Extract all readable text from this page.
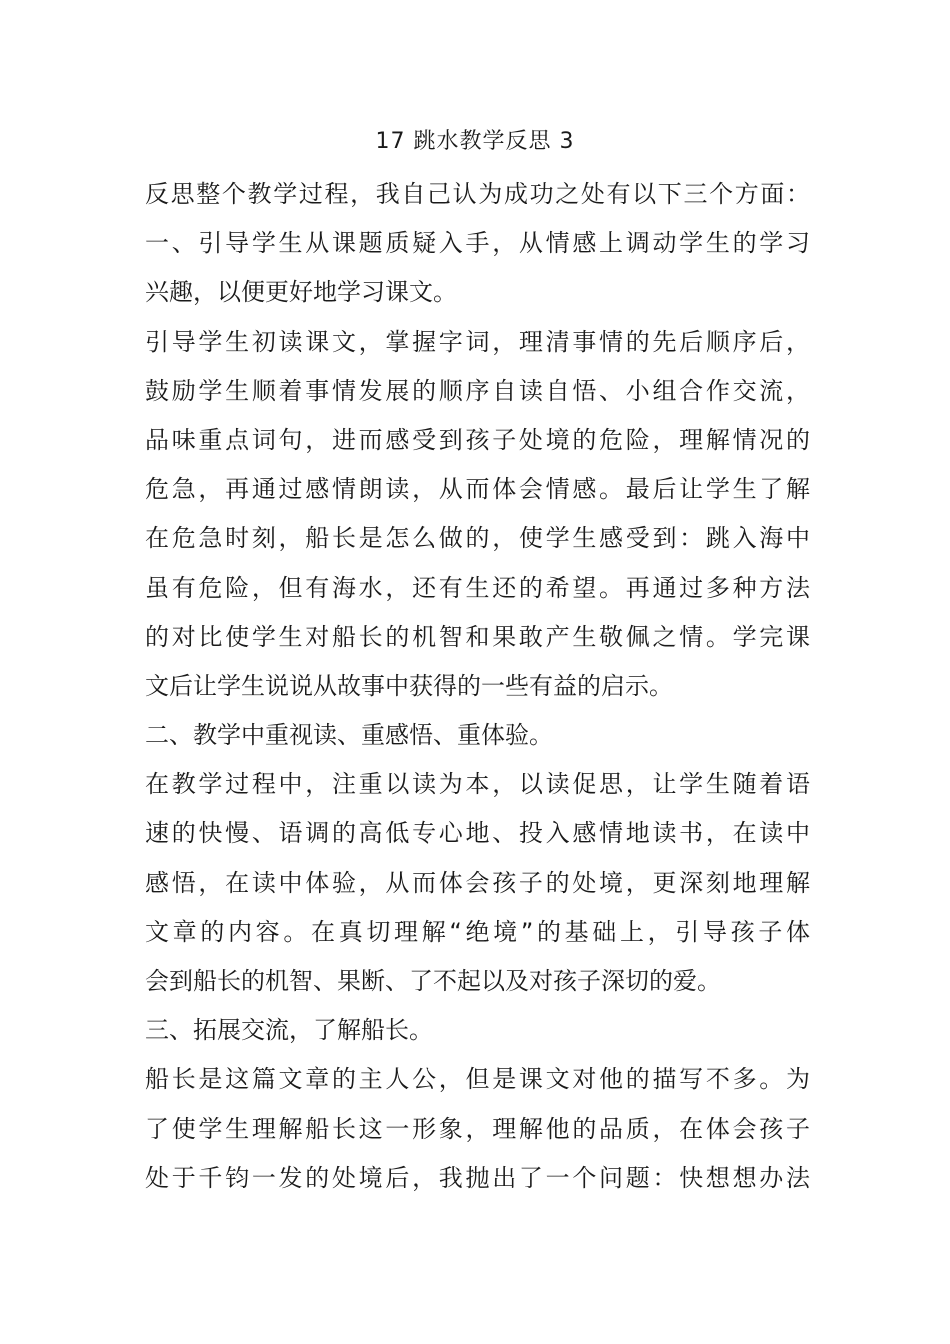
17 跳水教学反思 3
反思整个教学过程，我自己认为成功之处有以下三个方面：
一、引导学生从课题质疑入手，从情感上调动学生的学习
兴趣，以便更好地学习课文。
引导学生初读课文，掌握字词，理清事情的先后顺序后，
鼓励学生顺着事情发展的顺序自读自悟、小组合作交流，
品味重点词句，进而感受到孩子处境的危险，理解情况的
危急，再通过感情朗读，从而体会情感。最后让学生了解
在危急时刻，船长是怎么做的，使学生感受到：跳入海中
虽有危险，但有海水，还有生还的希望。再通过多种方法
的对比使学生对船长的机智和果敢产生敬佩之情。学完课
文后让学生说说从故事中获得的一些有益的启示。
二、教学中重视读、重感悟、重体验。
在教学过程中，注重以读为本，以读促思，让学生随着语
速的快慢、语调的高低专心地、投入感情地读书，在读中
感悟，在读中体验，从而体会孩子的处境，更深刻地理解
文章的内容。在真切理解“绝境”的基础上，引导孩子体
会到船长的机智、果断、了不起以及对孩子深切的爱。
三、拓展交流，了解船长。
船长是这篇文章的主人公，但是课文对他的描写不多。为
了使学生理解船长这一形象，理解他的品质，在体会孩子
处于千钧一发的处境后，我抛出了一个问题：快想想办法
